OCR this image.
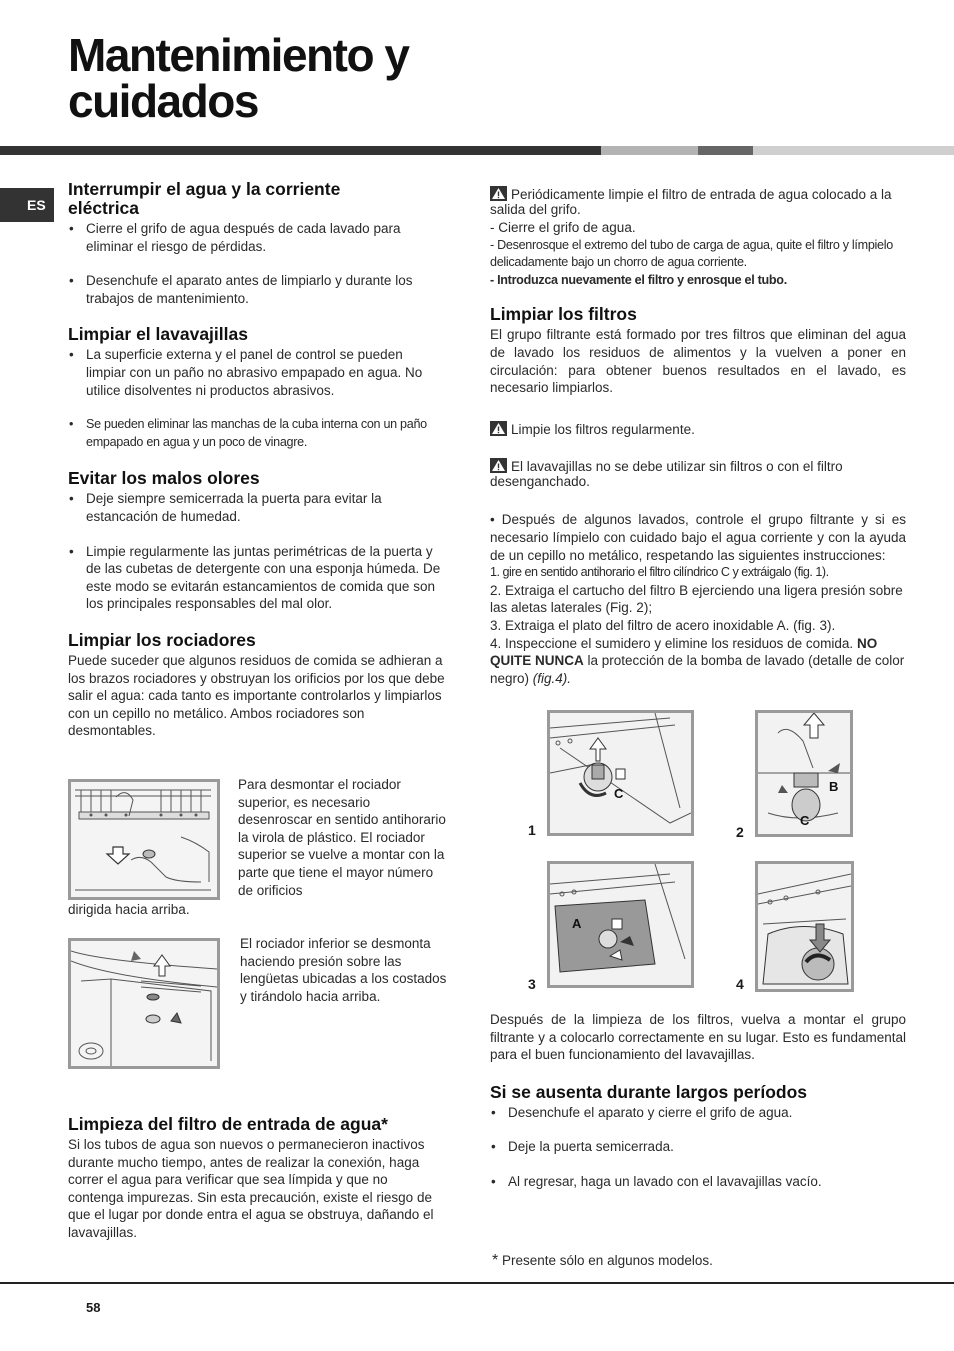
Mantenimiento y
cuidados
ES
Interrumpir el agua y la corriente
eléctrica
• Cierre el grifo de agua después de cada lavado para eliminar el riesgo de pérdidas.
• Desenchufe el aparato antes de limpiarlo y durante los trabajos de mantenimiento.
Limpiar el lavavajillas
• La superficie externa y el panel de control se pueden limpiar con un paño no abrasivo empapado en agua. No utilice disolventes ni productos abrasivos.
• Se pueden eliminar las manchas de la cuba interna con un paño empapado en agua y un poco de vinagre.
Evitar los malos olores
• Deje siempre semicerrada la puerta para evitar la estancación de humedad.
• Limpie regularmente las juntas perimétricas de la puerta y de las cubetas de detergente con una esponja húmeda. De este modo se evitarán estancamientos de comida que son los principales responsables del mal olor.
Limpiar los rociadores

Puede suceder que algunos residuos de comida se adhieran a los brazos rociadores y obstruyan los orificios por los que debe salir el agua: cada tanto es importante controlarlos y limpiarlos con un cepillo no metálico. Ambos rociadores son desmontables.

Para desmontar el rociador superior, es necesario desenroscar en sentido antihorario la virola de plástico. El rociador superior se vuelve a montar con la parte que tiene el mayor número de orificios

dirigida hacia arriba.

El rociador inferior se desmonta haciendo presión sobre las lengüetas ubicadas a los costados y tirándolo hacia arriba.

Limpieza del filtro de entrada de agua*

Si los tubos de agua son nuevos o permanecieron inactivos durante mucho tiempo, antes de realizar la conexión, haga correr el agua para verificar que sea límpida y que no contenga impurezas. Sin esta precaución, existe el riesgo de que el lugar por donde entra el agua se obstruya, dañando el lavavajillas.

Periódicamente limpie el filtro de entrada de agua colocado a la salida del grifo.

- Cierre el grifo de agua.

- Desenrosque el extremo del tubo de carga de agua, quite el filtro y límpielo delicadamente bajo un chorro de agua corriente.

- Introduzca nuevamente el filtro y enrosque el tubo.

Limpiar los filtros

El grupo filtrante está formado por tres filtros que eliminan del agua de lavado los residuos de alimentos y la vuelven a poner en circulación: para obtener buenos resultados en el lavado, es necesario limpiarlos.

Limpie los filtros regularmente.

El lavavajillas no se debe utilizar sin filtros o con el filtro desenganchado.

• Después de algunos lavados, controle el grupo filtrante y si es necesario límpielo con cuidado bajo el agua corriente y con la ayuda de un cepillo no metálico, respetando las siguientes instrucciones:

1. gire en sentido antihorario el filtro cilíndrico C y extráigalo (fig. 1).

2. Extraiga el cartucho del filtro B ejerciendo una ligera presión sobre las aletas laterales (Fig. 2);

3. Extraiga el plato del filtro de acero inoxidable A. (fig. 3).

4. Inspeccione el sumidero y elimine los residuos de comida. NO QUITE NUNCA la protección de la bomba de lavado (detalle de color negro) (fig.4).

C
1
B
C
2
A
3	4

Después de la limpieza de los filtros, vuelva a montar el grupo filtrante y a colocarlo correctamente en su lugar. Esto es fundamental para el buen funcionamiento del lavavajillas.

Si se ausenta durante largos períodos
• Desenchufe el aparato y cierre el grifo de agua.
• Deje la puerta semicerrada.
• Al regresar, haga un lavado con el lavavajillas vacío.
* Presente sólo en algunos modelos.
58
